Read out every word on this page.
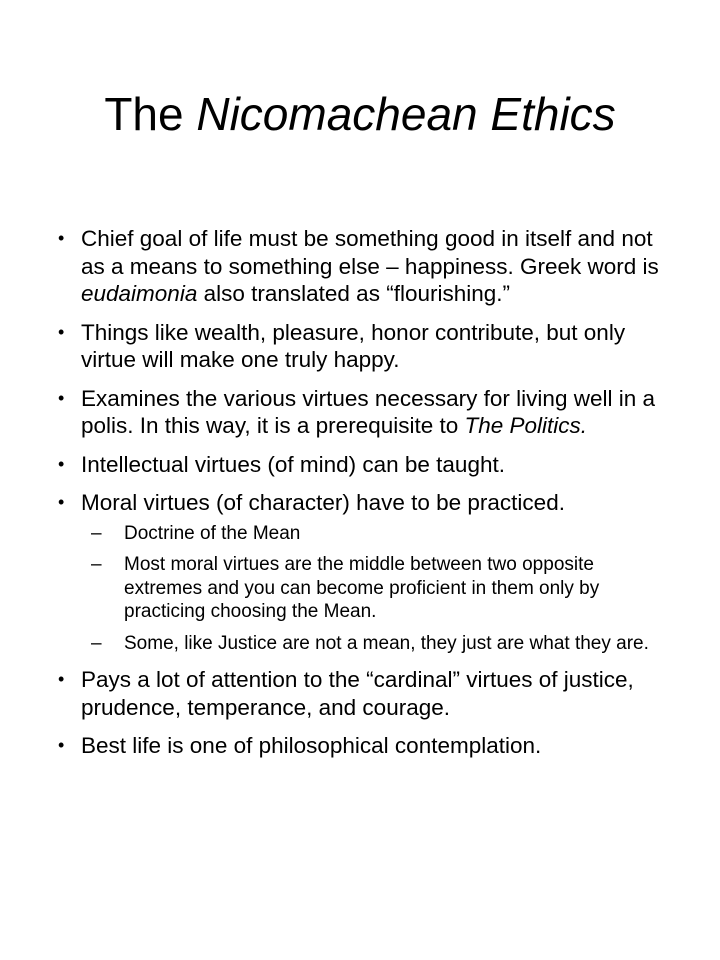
The Nicomachean Ethics
• Chief goal of life must be something good in itself and not as a means to something else – happiness. Greek word is eudaimonia also translated as “flourishing.”
• Things like wealth, pleasure, honor contribute, but only virtue will make one truly happy.
• Examines the various virtues necessary for living well in a polis. In this way, it is a prerequisite to The Politics.
• Intellectual virtues (of mind) can be taught.
• Moral virtues (of character) have to be practiced.
– Doctrine of the Mean
– Most moral virtues are the middle between two opposite extremes and you can become proficient in them only by practicing choosing the Mean.
– Some, like Justice are not a mean, they just are what they are.
• Pays a lot of attention to the “cardinal” virtues of justice, prudence, temperance, and courage.
• Best life is one of philosophical contemplation.
